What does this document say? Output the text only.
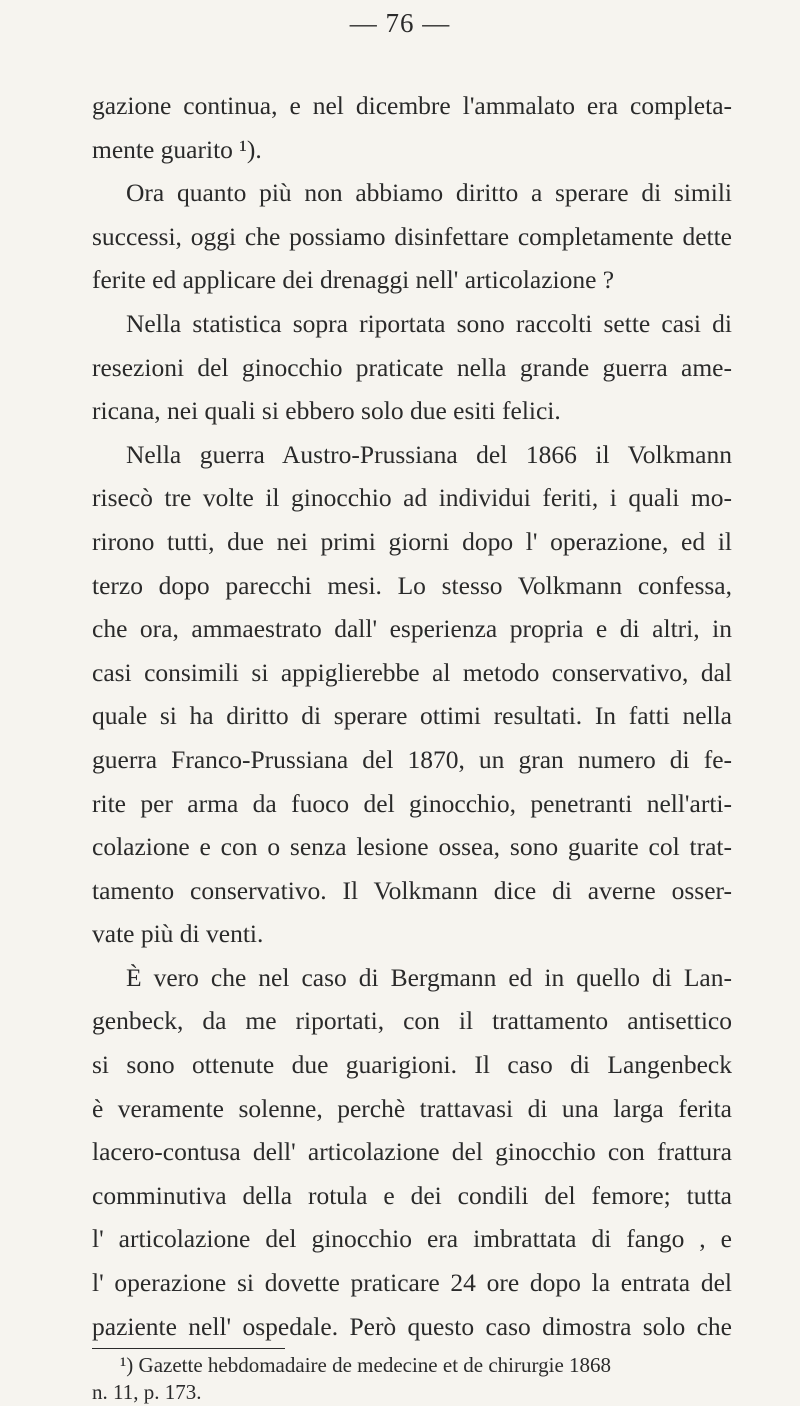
— 76 —
gazione continua, e nel dicembre l'ammalato era completa-
mente guarito ¹).
Ora quanto più non abbiamo diritto a sperare di simili
successi, oggi che possiamo disinfettare completamente dette
ferite ed applicare dei drenaggi nell' articolazione ?
Nella statistica sopra riportata sono raccolti sette casi di
resezioni del ginocchio praticate nella grande guerra ame-
ricana, nei quali si ebbero solo due esiti felici.
Nella guerra Austro-Prussiana del 1866 il Volkmann
risecò tre volte il ginocchio ad individui feriti, i quali mo-
rirono tutti, due nei primi giorni dopo l' operazione, ed il
terzo dopo parecchi mesi. Lo stesso Volkmann confessa,
che ora, ammaestrato dall' esperienza propria e di altri, in
casi consimili si appiglierebbe al metodo conservativo, dal
quale si ha diritto di sperare ottimi resultati. In fatti nella
guerra Franco-Prussiana del 1870, un gran numero di fe-
rite per arma da fuoco del ginocchio, penetranti nell'arti-
colazione e con o senza lesione ossea, sono guarite col trat-
tamento conservativo. Il Volkmann dice di averne osser-
vate più di venti.
È vero che nel caso di Bergmann ed in quello di Lan-
genbeck, da me riportati, con il trattamento antisettico
si sono ottenute due guarigioni. Il caso di Langenbeck
è veramente solenne, perchè trattavasi di una larga ferita
lacero-contusa dell' articolazione del ginocchio con frattura
comminutiva della rotula e dei condili del femore; tutta
l' articolazione del ginocchio era imbrattata di fango , e
l' operazione si dovette praticare 24 ore dopo la entrata del
paziente nell' ospedale. Però questo caso dimostra solo che
¹) Gazette hebdomadaire de medecine et de chirurgie 1868
n. 11, p. 173.
